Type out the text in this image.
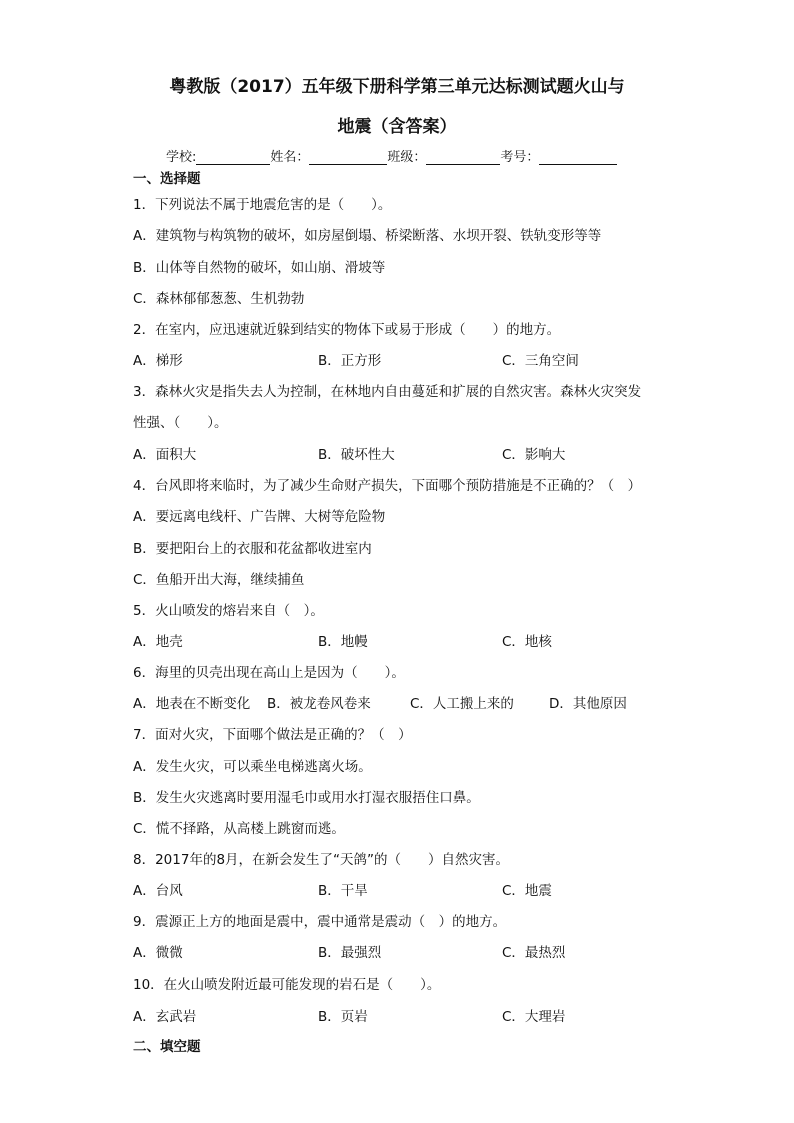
粤教版（2017）五年级下册科学第三单元达标测试题火山与
地震（含答案）
学校:	姓名：	班级：	考号：
一、选择题
1．下列说法不属于地震危害的是（　　）。
A．建筑物与构筑物的破坏，如房屋倒塌、桥梁断落、水坝开裂、铁轨变形等等
B．山体等自然物的破坏，如山崩、滑坡等
C．森林郁郁葱葱、生机勃勃
2．在室内，应迅速就近躲到结实的物体下或易于形成（　　）的地方。
A．梯形	B．正方形	C．三角空间
3．森林火灾是指失去人为控制，在林地内自由蔓延和扩展的自然灾害。森林火灾突发
性强、（　　）。
A．面积大	B．破坏性大	C．影响大
4．台风即将来临时，为了减少生命财产损失，下面哪个预防措施是不正确的？（　）
A．要远离电线杆、广告牌、大树等危险物
B．要把阳台上的衣服和花盆都收进室内
C．鱼船开出大海，继续捕鱼
5．火山喷发的熔岩来自（　）。
A．地壳	B．地幔	C．地核
6．海里的贝壳出现在高山上是因为（　　）。
A．地表在不断变化 B．被龙卷风卷来	C．人工搬上来的	D．其他原因
7．面对火灾，下面哪个做法是正确的？（　）
A．发生火灾，可以乘坐电梯逃离火场。
B．发生火灾逃离时要用湿毛巾或用水打湿衣服捂住口鼻。
C．慌不择路，从高楼上跳窗而逃。
8．2017年的8月，在新会发生了“天鸽”的（　　）自然灾害。
A．台风	B．干旱	C．地震
9．震源正上方的地面是震中，震中通常是震动（　）的地方。
A．微微	B．最强烈	C．最热烈
10．在火山喷发附近最可能发现的岩石是（　　）。
A．玄武岩	B．页岩	C．大理岩
二、填空题
